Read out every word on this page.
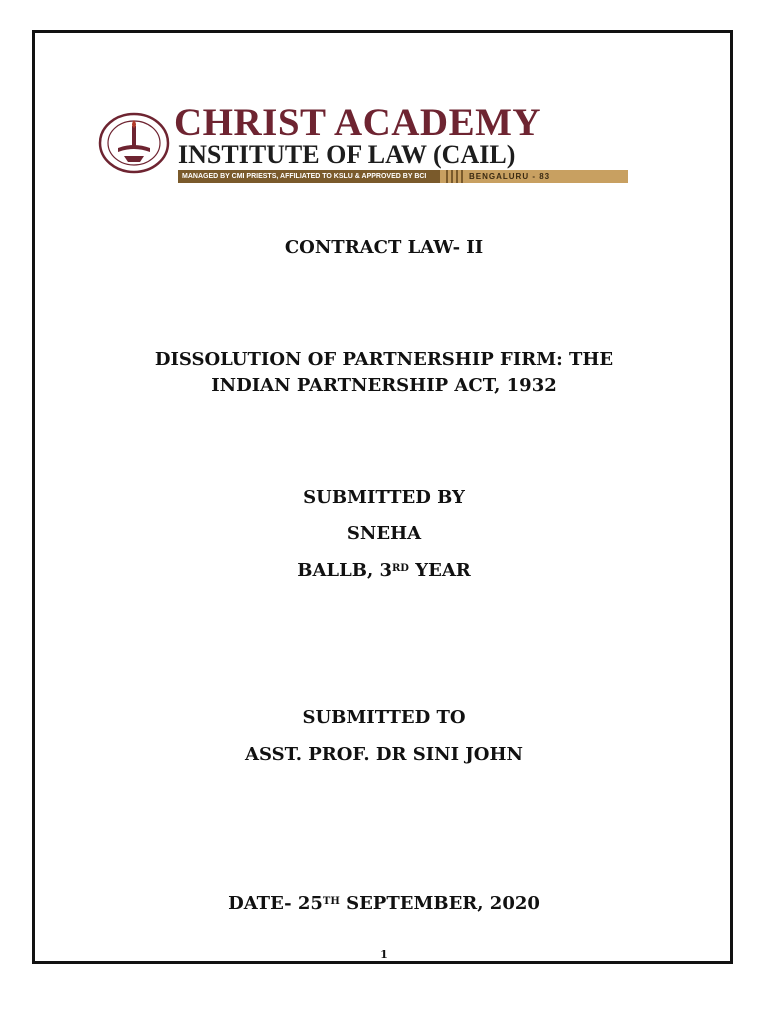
CHRIST ACADEMY
INSTITUTE OF LAW (CAIL)
MANAGED BY CMI PRIESTS, AFFILIATED TO KSLU & APPROVED BY BCI	BENGALURU - 83
CONTRACT LAW- II
DISSOLUTION OF PARTNERSHIP FIRM: THE
INDIAN PARTNERSHIP ACT, 1932
SUBMITTED BY
SNEHA
BALLB, 3RD YEAR
SUBMITTED TO
ASST. PROF. DR SINI JOHN
DATE- 25TH SEPTEMBER, 2020
1
